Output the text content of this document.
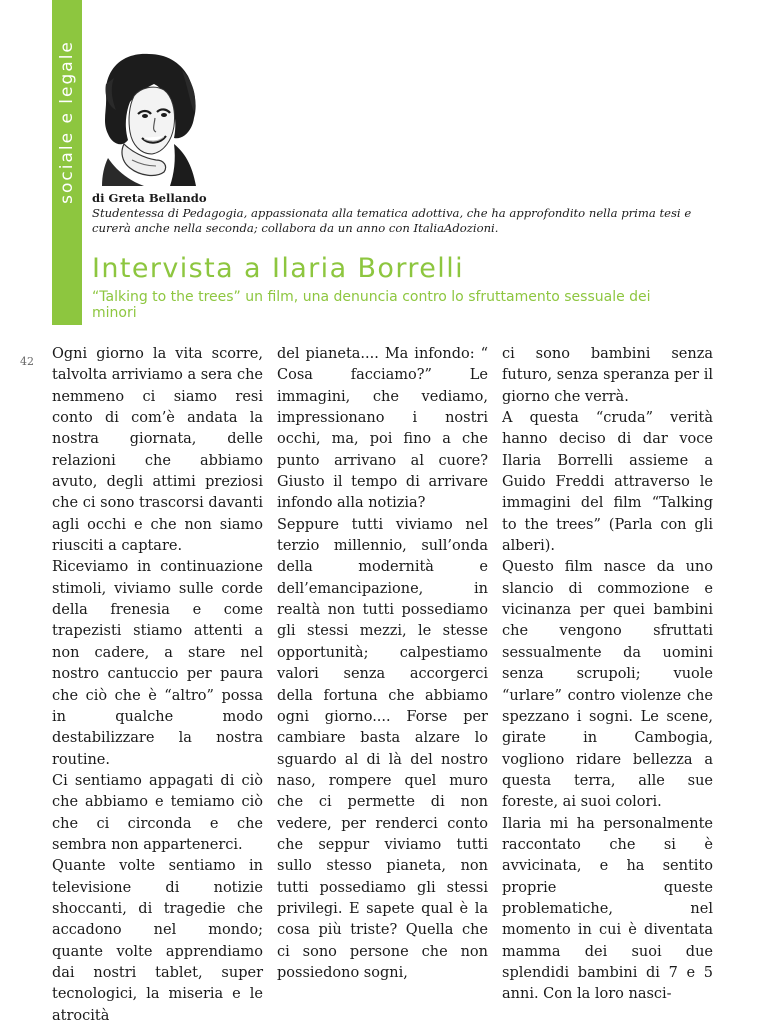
sociale e legale di Greta Bellando
Studentessa di Pedagogia, appassionata alla tematica adottiva, che ha approfondito nella prima tesi e curerà anche nella seconda; collabora da un anno con ItaliaAdozioni.
Intervista a Ilaria Borrelli
“Talking to the trees” un film, una denuncia contro lo sfruttamento sessuale dei minori
42 Ogni giorno la vita scorre, talvolta arriviamo a sera che nemmeno ci siamo resi conto di com’è andata la nostra giornata, delle relazioni che abbiamo avuto, degli attimi preziosi che ci sono trascorsi davanti agli occhi e che non siamo riusciti a captare.

Riceviamo in continuazione stimoli, viviamo sulle corde della frenesia e come trapezisti stiamo attenti a non cadere, a stare nel nostro cantuccio per paura che ciò che è “altro” possa in qualche modo destabilizzare la nostra routine.

Ci sentiamo appagati di ciò che abbiamo e temiamo ciò che ci circonda e che sembra non appartenerci.

Quante volte sentiamo in televisione di notizie shoccanti, di tragedie che accadono nel mondo; quante volte apprendiamo dai nostri tablet, super tecnologici, la miseria e le atrocità

del pianeta.... Ma infondo: “ Cosa facciamo?” Le immagini, che vediamo, impressionano i nostri occhi, ma, poi fino a che punto arrivano al cuore? Giusto il tempo di arrivare infondo alla notizia?

Seppure tutti viviamo nel terzio millennio, sull’onda della modernità e dell’emancipazione, in realtà non tutti possediamo gli stessi mezzi, le stesse opportunità; calpestiamo valori senza accorgerci della fortuna che abbiamo ogni giorno.... Forse per cambiare basta alzare lo sguardo al di là del nostro naso, rompere quel muro che ci permette di non vedere, per renderci conto che seppur viviamo tutti sullo stesso pianeta, non tutti possediamo gli stessi privilegi. E sapete qual è la cosa più triste? Quella che ci sono persone che non possiedono sogni,

ci sono bambini senza futuro, senza speranza per il giorno che verrà.

A questa “cruda” verità hanno deciso di dar voce Ilaria Borrelli assieme a Guido Freddi attraverso le immagini del film “Talking to the trees” (Parla con gli alberi).

Questo film nasce da uno slancio di commozione e vicinanza per quei bambini che vengono sfruttati sessualmente da uomini senza scrupoli; vuole “urlare” contro violenze che spezzano i sogni. Le scene, girate in Cambogia, vogliono ridare bellezza a questa terra, alle sue foreste, ai suoi colori.

Ilaria mi ha personalmente raccontato che si è avvicinata, e ha sentito proprie queste problematiche, nel momento in cui è diventata mamma dei suoi due splendidi bambini di 7 e 5 anni. Con la loro nasci-
